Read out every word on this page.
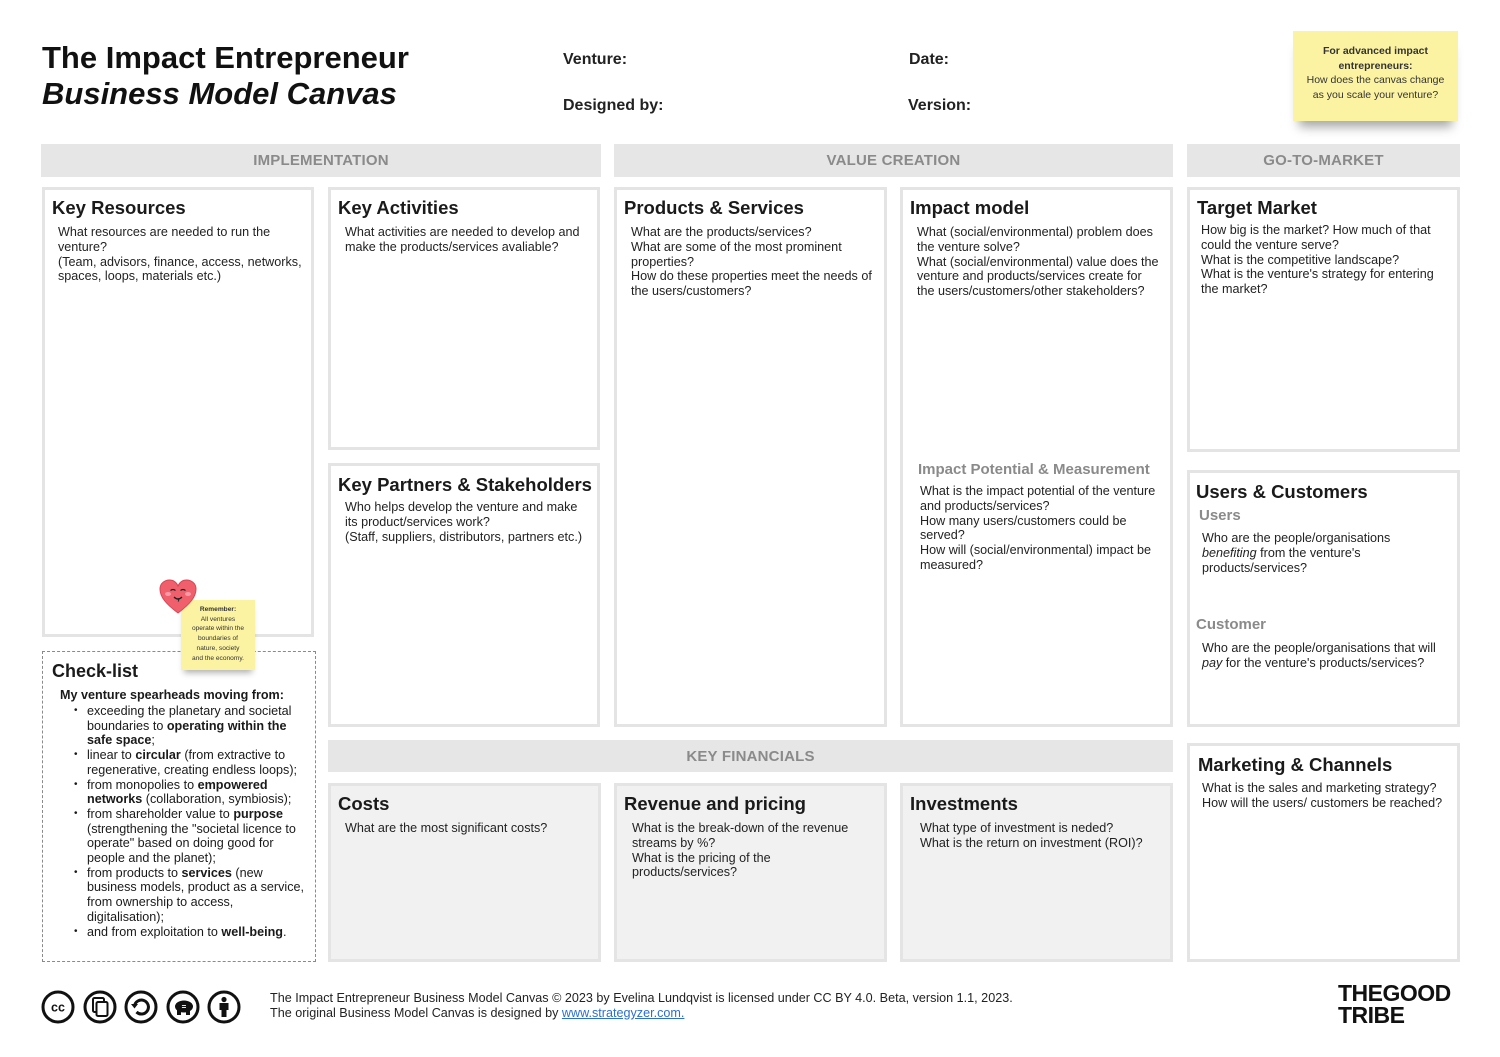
The Impact Entrepreneur
Business Model Canvas
Venture:	Date:
Designed by:	Version:
For advanced impact entrepreneurs:
How does the canvas change as you scale your venture?
IMPLEMENTATION	VALUE CREATION	GO-TO-MARKET
KEY FINANCIALS
Key Resources
What resources are needed to run the
venture?
(Team, advisors, finance, access, networks,
spaces, loops, materials etc.)
Key Activities
What activities are needed to develop and
make the products/services avaliable?
Key Partners & Stakeholders
Who helps develop the venture and make
its product/services work?
(Staff, suppliers, distributors, partners etc.)
Products & Services
What are the products/services?
What are some of the most prominent
properties?
How do these properties meet the needs of
the users/customers?
Impact model
What (social/environmental) problem does
the venture solve?
What (social/environmental) value does the
venture and products/services create for
the users/customers/other stakeholders?
Impact Potential & Measurement
What is the impact potential of the venture
and products/services?
How many users/customers could be
served?
How will (social/environmental) impact be
measured?
Target Market
How big is the market? How much of that
could the venture serve?
What is the competitive landscape?
What is the venture's strategy for entering
the market?
Users & Customers
Users
Who are the people/organisations
benefiting from the venture's
products/services?
Customer
Who are the people/organisations that will
pay for the venture's products/services?
Marketing & Channels
What is the sales and marketing strategy?
How will the users/ customers be reached?
Costs
What are the most significant costs?
Revenue and pricing
What is the break-down of the revenue
streams by %?
What is the pricing of the
products/services?
Investments
What type of investment is neded?
What is the return on investment (ROI)?
Check-list
My venture spearheads moving from:
• exceeding the planetary and societal boundaries to operating within the safe space;
• linear to circular (from extractive to regenerative, creating endless loops);
• from monopolies to empowered networks (collaboration, symbiosis);
• from shareholder value to purpose (strengthening the "societal licence to operate" based on doing good for people and the planet);
• from products to services (new business models, product as a service, from ownership to access, digitalisation);
• and from exploitation to well-being.
Remember:
All ventures
operate within the
boundaries of
nature, society
and the economy.
cc	=
The Impact Entrepreneur Business Model Canvas © 2023 by Evelina Lundqvist is licensed under CC BY 4.0. Beta, version 1.1, 2023.
The original Business Model Canvas is designed by www.strategyzer.com.
THEGOOD
TRIBE
